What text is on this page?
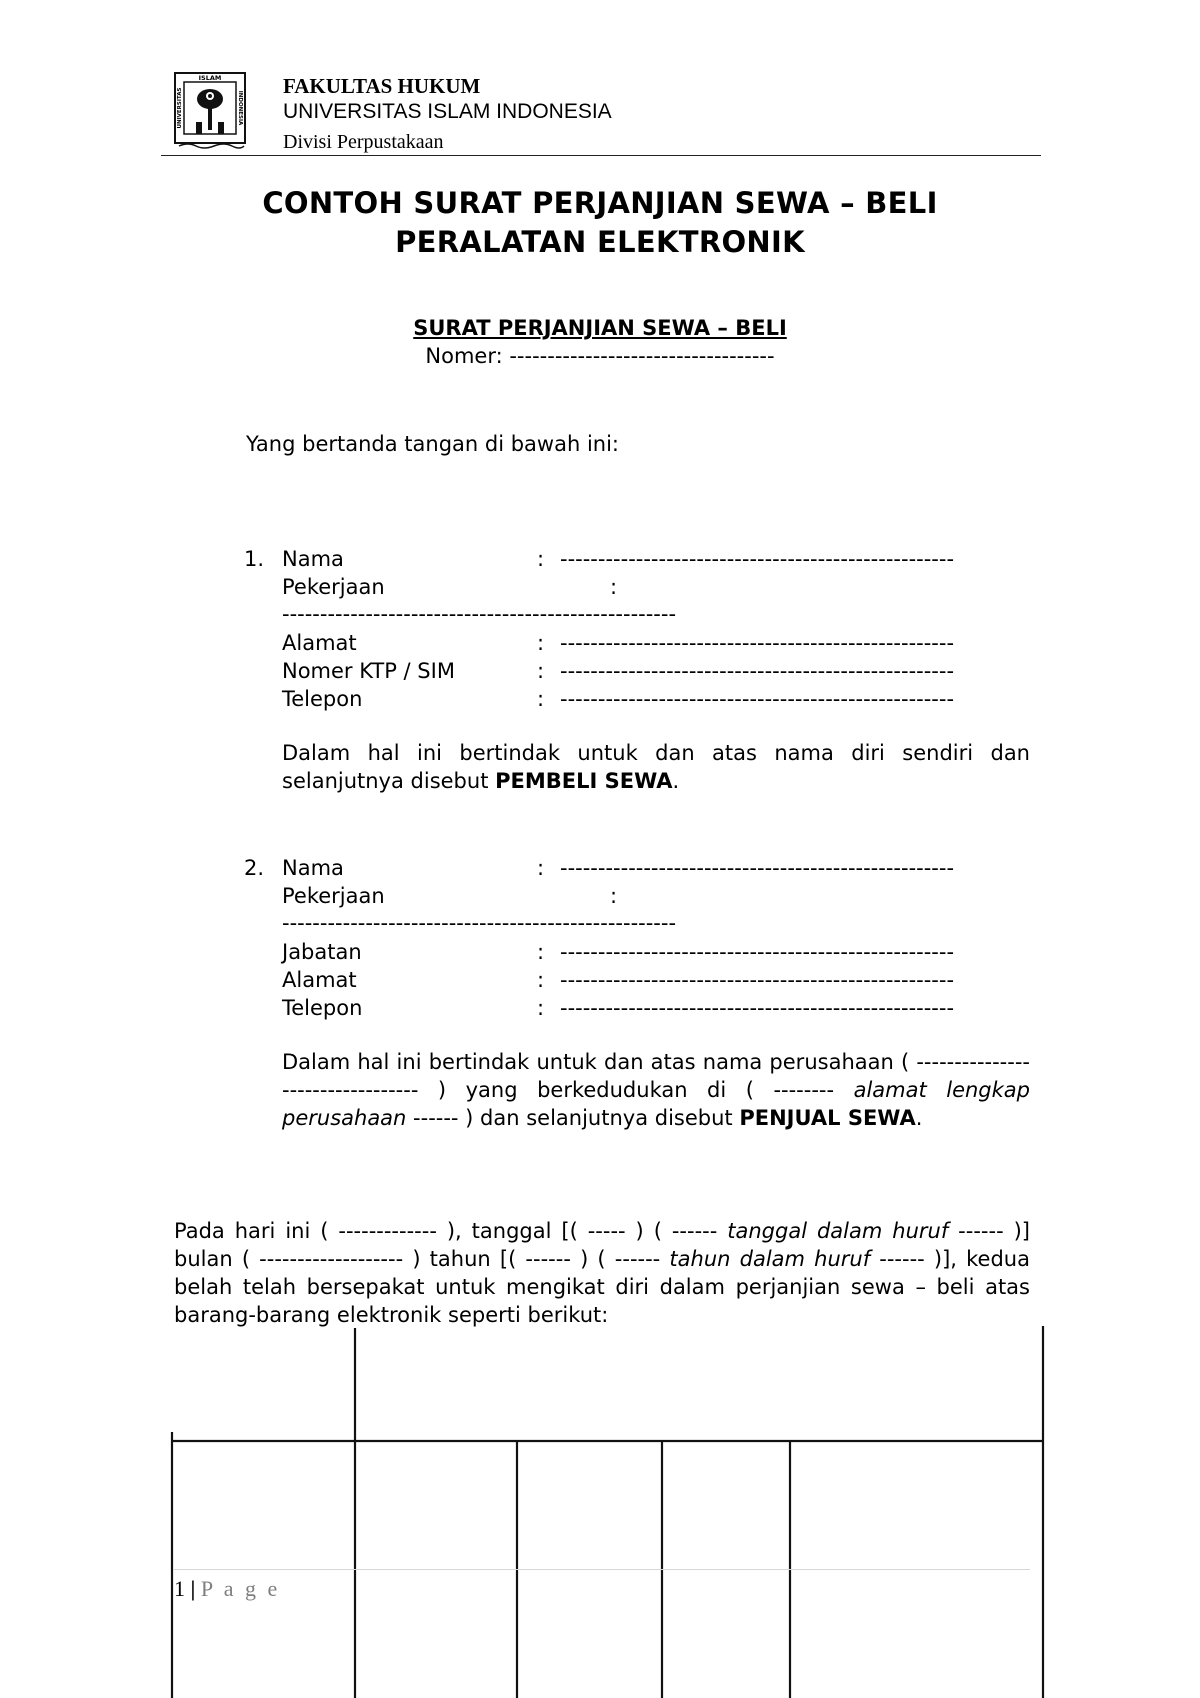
ISLAM
UNIVERSITAS	INDONESIA
FAKULTAS HUKUM
UNIVERSITAS ISLAM INDONESIA
Divisi Perpustakaan
CONTOH SURAT PERJANJIAN SEWA – BELI
PERALATAN ELEKTRONIK
SURAT PERJANJIAN SEWA – BELI
Nomer: -----------------------------------
Yang bertanda tangan di bawah ini:
1. Nama	: ----------------------------------------------------
Pekerjaan	:
----------------------------------------------------
Alamat	: ----------------------------------------------------
Nomer KTP / SIM	: ----------------------------------------------------
Telepon	: ----------------------------------------------------
Dalam hal ini bertindak untuk dan atas nama diri sendiri dan selanjutnya disebut PEMBELI SEWA.
2. Nama	: ----------------------------------------------------
Pekerjaan	:
----------------------------------------------------
Jabatan	: ----------------------------------------------------
Alamat	: ----------------------------------------------------
Telepon	: ----------------------------------------------------
Dalam hal ini bertindak untuk dan atas nama perusahaan ( --------------------------------- ) yang berkedudukan di ( -------- alamat lengkap perusahaan ------ ) dan selanjutnya disebut PENJUAL SEWA.
Pada hari ini ( ------------- ), tanggal [( ----- ) ( ------ tanggal dalam huruf ------ )] bulan ( ------------------- ) tahun [( ------ ) ( ------ tahun dalam huruf ------ )], kedua belah telah bersepakat untuk mengikat diri dalam perjanjian sewa – beli atas barang-barang elektronik seperti berikut:
1 | P a g e
